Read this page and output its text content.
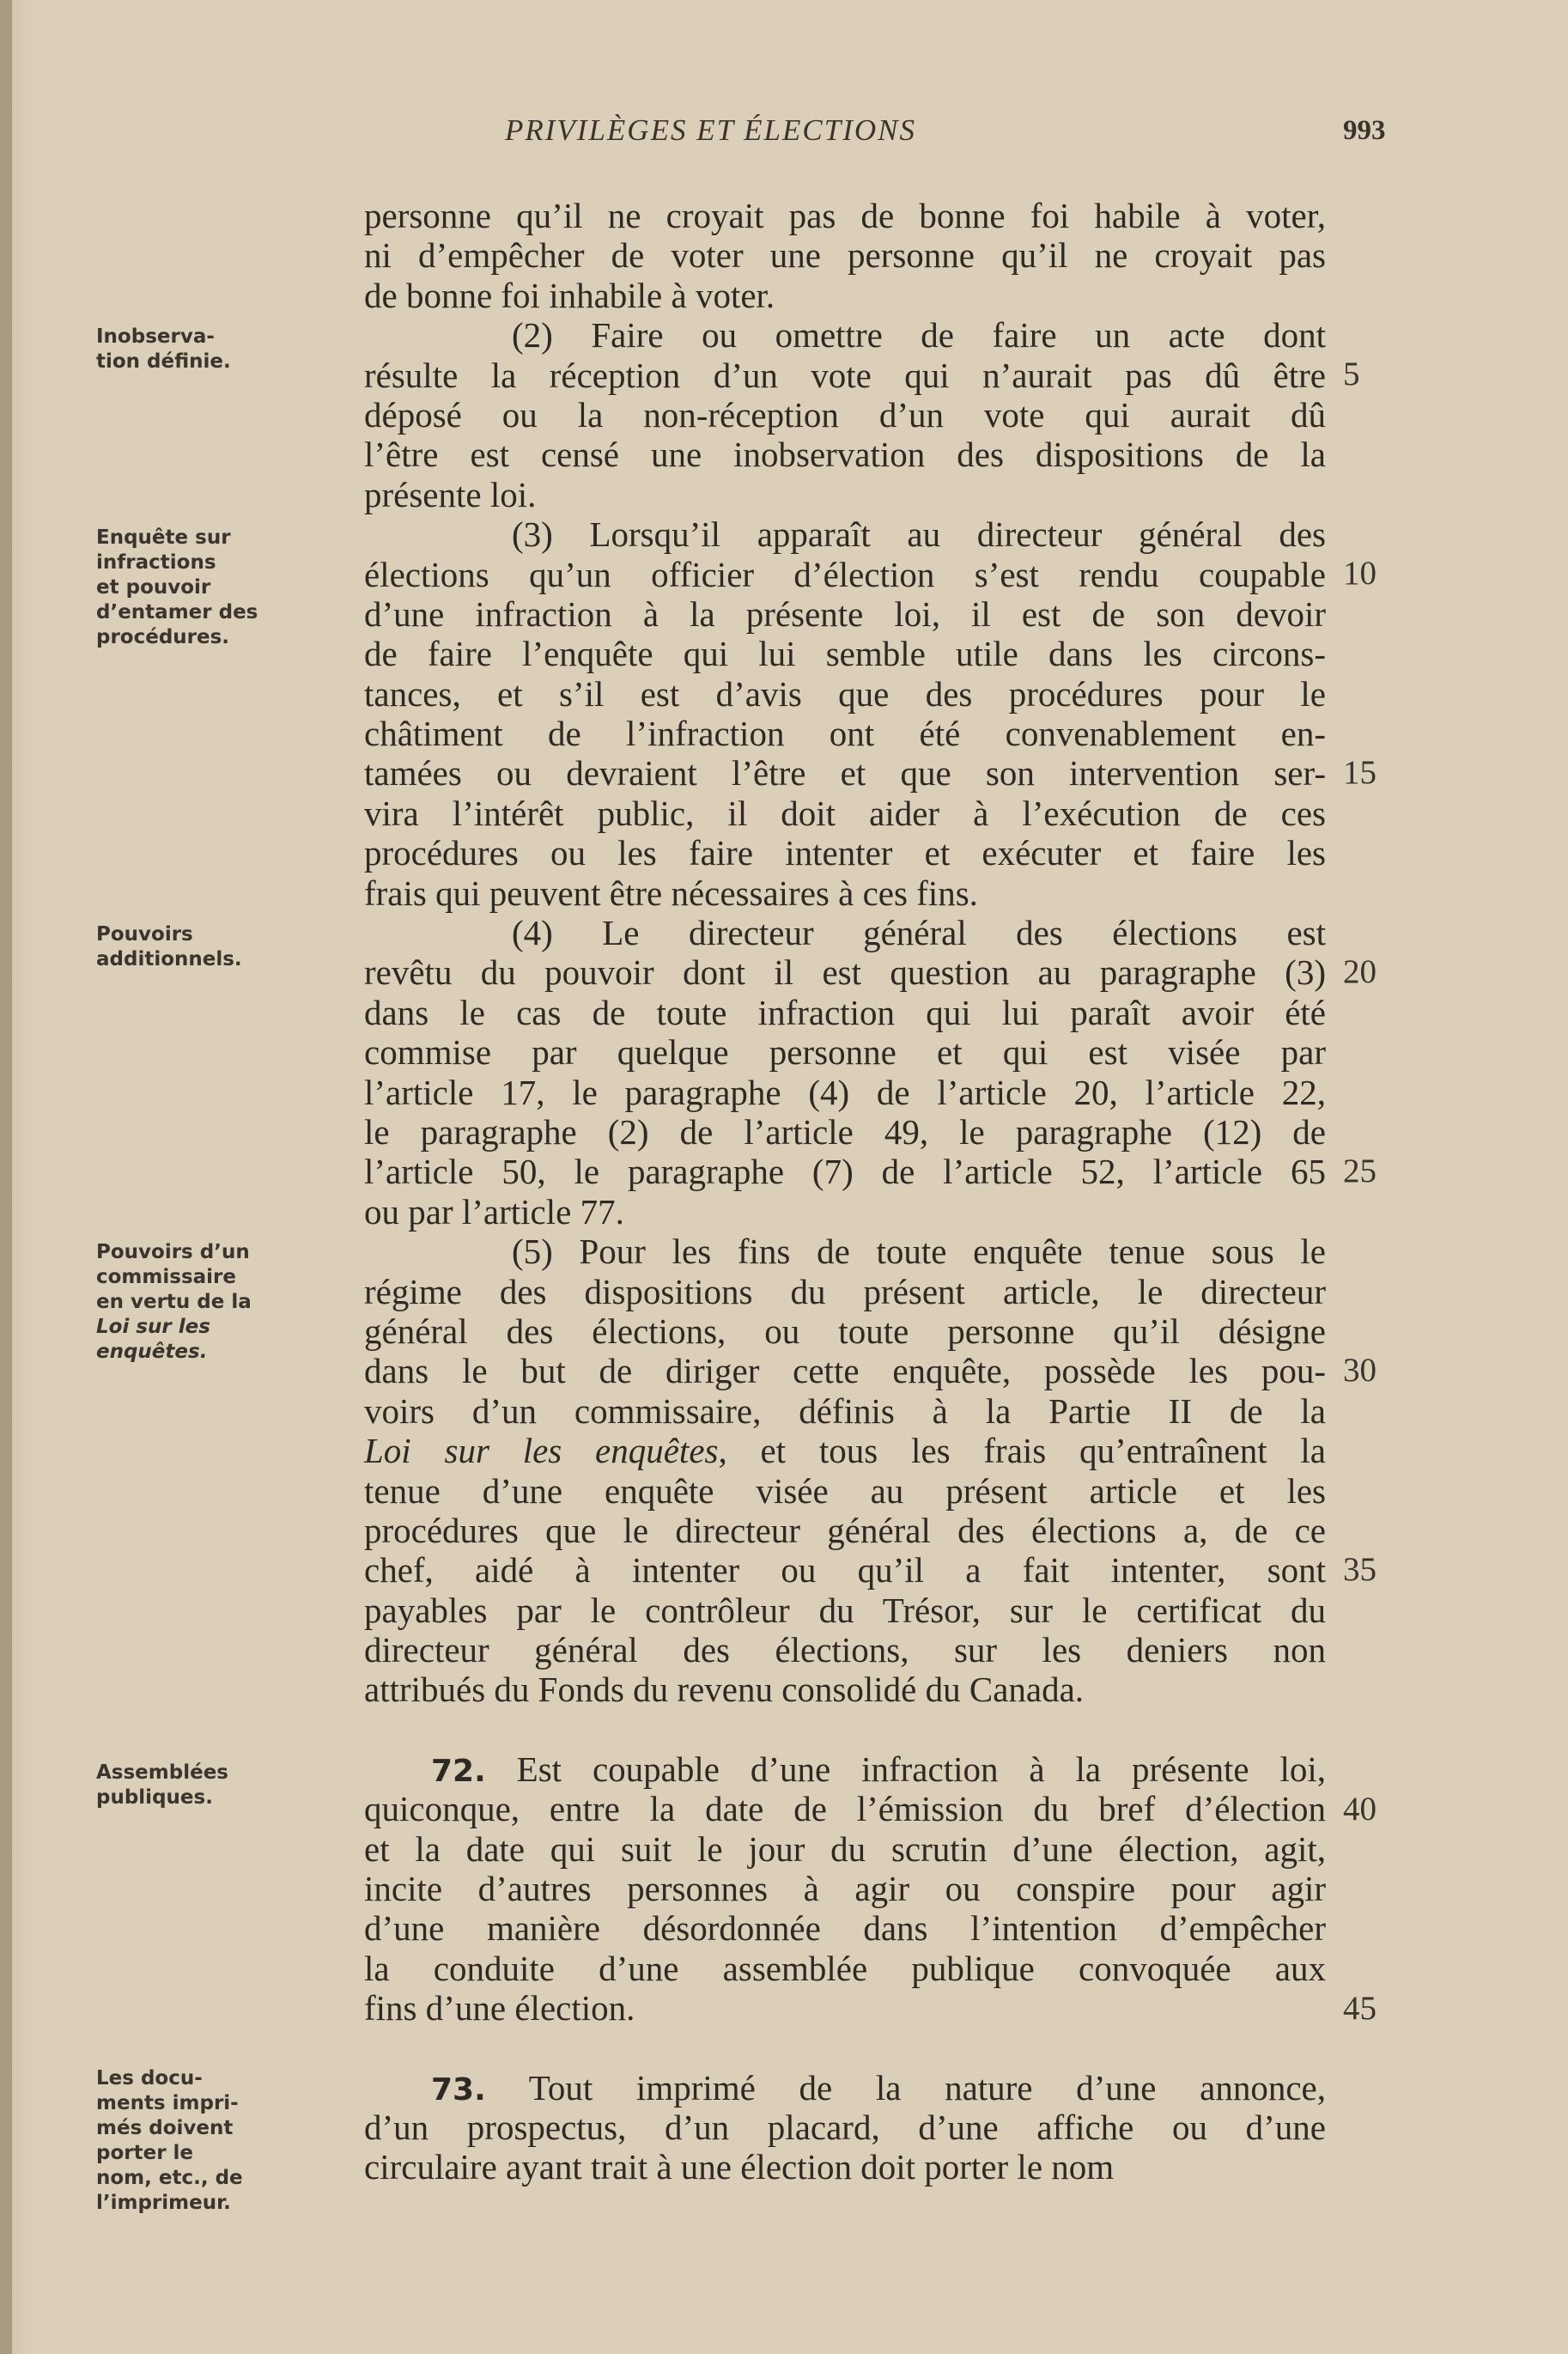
PRIVILÈGES ET ÉLECTIONS	993
personne qu’il ne croyait pas de bonne foi habile à voter,
ni d’empêcher de voter une personne qu’il ne croyait pas
de bonne foi inhabile à voter.
(2) Faire ou omettre de faire un acte dont
résulte la réception d’un vote qui n’aurait pas dû être
déposé ou la non-réception d’un vote qui aurait dû
l’être est censé une inobservation des dispositions de la
présente loi.
(3) Lorsqu’il apparaît au directeur général des
élections qu’un officier d’élection s’est rendu coupable
d’une infraction à la présente loi, il est de son devoir
de faire l’enquête qui lui semble utile dans les circons-
tances, et s’il est d’avis que des procédures pour le
châtiment de l’infraction ont été convenablement en-
tamées ou devraient l’être et que son intervention ser-
vira l’intérêt public, il doit aider à l’exécution de ces
procédures ou les faire intenter et exécuter et faire les
frais qui peuvent être nécessaires à ces fins.
(4) Le directeur général des élections est
revêtu du pouvoir dont il est question au paragraphe (3)
dans le cas de toute infraction qui lui paraît avoir été
commise par quelque personne et qui est visée par
l’article 17, le paragraphe (4) de l’article 20, l’article 22,
le paragraphe (2) de l’article 49, le paragraphe (12) de
l’article 50, le paragraphe (7) de l’article 52, l’article 65
ou par l’article 77.
(5) Pour les fins de toute enquête tenue sous le
régime des dispositions du présent article, le directeur
général des élections, ou toute personne qu’il désigne
dans le but de diriger cette enquête, possède les pou-
voirs d’un commissaire, définis à la Partie II de la
Loi sur les enquêtes, et tous les frais qu’entraînent la
tenue d’une enquête visée au présent article et les
procédures que le directeur général des élections a, de ce
chef, aidé à intenter ou qu’il a fait intenter, sont
payables par le contrôleur du Trésor, sur le certificat du
directeur général des élections, sur les deniers non
attribués du Fonds du revenu consolidé du Canada.
72. Est coupable d’une infraction à la présente loi,
quiconque, entre la date de l’émission du bref d’élection
et la date qui suit le jour du scrutin d’une élection, agit,
incite d’autres personnes à agir ou conspire pour agir
d’une manière désordonnée dans l’intention d’empêcher
la conduite d’une assemblée publique convoquée aux
fins d’une élection.
73. Tout imprimé de la nature d’une annonce,
d’un prospectus, d’un placard, d’une affiche ou d’une
circulaire ayant trait à une élection doit porter le nom
5
10
15
20
25
30
35
40
45
Inobserva-
tion définie.
Enquête sur
infractions
et pouvoir
d’entamer des
procédures.
Pouvoirs
additionnels.
Pouvoirs d’un
commissaire
en vertu de la
Loi sur les
enquêtes.
Assemblées
publiques.
Les docu-
ments impri-
més doivent
porter le
nom, etc., de
l’imprimeur.
